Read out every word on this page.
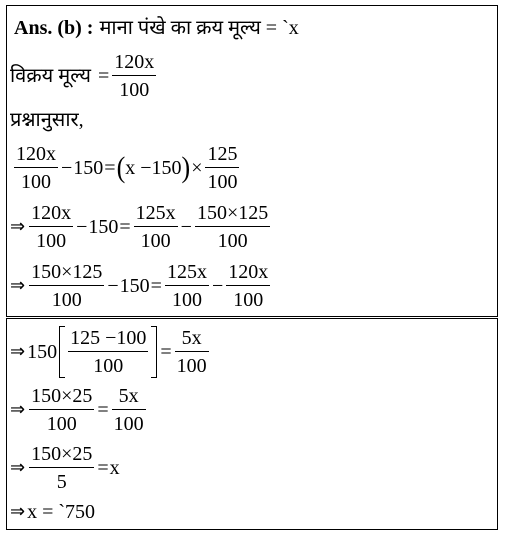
Ans. (b) : माना पंखे का क्रय मूल्य = `x
विक्रय मूल्य = $\frac{120x}{100}$
प्रश्नानुसार,
$\frac{120x}{100} - 150$ = ( x −150 ) × $\frac{125}{100}$
⇒ $\frac{120x}{100} - 150 = \frac{125x}{100} - \frac{150\times 125}{100}$
⇒ $\frac{150\times 125}{100} - 150 = \frac{125x}{100} - \frac{120x}{100}$
⇒ $150 \frac{125 -100}{100} = \frac{5x}{100}$
⇒ $\frac{150\times 25}{100} = \frac{5x}{100}$
⇒ $\frac{150\times 25}{5} = x$
⇒ x = `750
